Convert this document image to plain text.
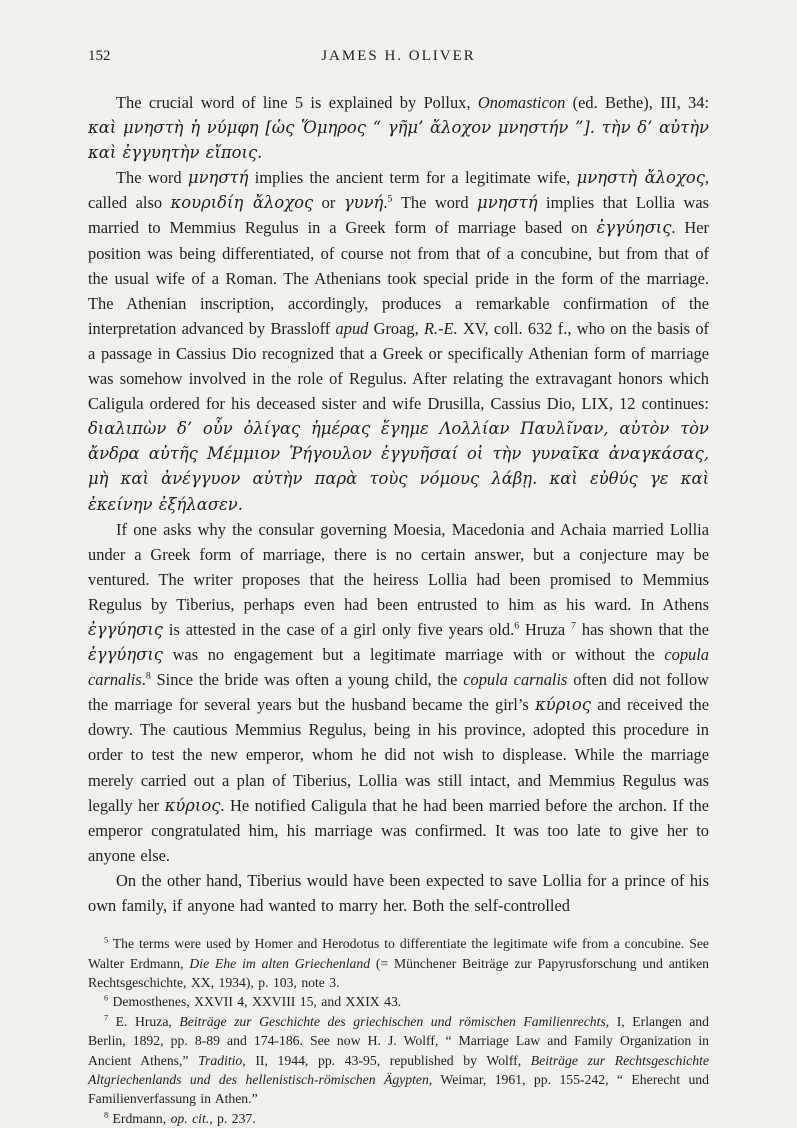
152	JAMES H. OLIVER

The crucial word of line 5 is explained by Pollux, Onomasticon (ed. Bethe), III, 34: καὶ μνηστὴ ἡ νύμφη [ὡς Ὅμηρος “ γῆμ’ ἄλοχον μνηστήν ”]. τὴν δ’ αὐτὴν καὶ ἐγγυητὴν εἴποις.

The word μνηστή implies the ancient term for a legitimate wife, μνηστὴ ἄλοχος, called also κουριδίη ἄλοχος or γυνή.$^5$ The word μνηστή implies that Lollia was married to Memmius Regulus in a Greek form of marriage based on ἐγγύησις. Her position was being differentiated, of course not from that of a concubine, but from that of the usual wife of a Roman. The Athenians took special pride in the form of the marriage. The Athenian inscription, accordingly, produces a remarkable confirmation of the interpretation advanced by Brassloff apud Groag, R.-E. XV, coll. 632 f., who on the basis of a passage in Cassius Dio recognized that a Greek or specifically Athenian form of marriage was somehow involved in the role of Regulus. After relating the extravagant honors which Caligula ordered for his deceased sister and wife Drusilla, Cassius Dio, LIX, 12 continues: διαλιπὼν δ’ οὖν ὀλίγας ἡμέρας ἔγημε Λολλίαν Παυλῖναν, αὐτὸν τὸν ἄνδρα αὐτῆς Μέμμιον Ῥήγουλον ἐγγυῆσαί οἱ τὴν γυναῖκα ἀναγκάσας, μὴ καὶ ἀνέγγυον αὐτὴν παρὰ τοὺς νόμους λάβῃ. καὶ εὐθύς γε καὶ ἐκείνην ἐξήλασεν.

If one asks why the consular governing Moesia, Macedonia and Achaia married Lollia under a Greek form of marriage, there is no certain answer, but a conjecture may be ventured. The writer proposes that the heiress Lollia had been promised to Memmius Regulus by Tiberius, perhaps even had been entrusted to him as his ward. In Athens ἐγγύησις is attested in the case of a girl only five years old.$^6$ Hruza $^7$ has shown that the ἐγγύησις was no engagement but a legitimate marriage with or without the copula carnalis.$^8$ Since the bride was often a young child, the copula carnalis often did not follow the marriage for several years but the husband became the girl’s κύριος and received the dowry. The cautious Memmius Regulus, being in his province, adopted this procedure in order to test the new emperor, whom he did not wish to displease. While the marriage merely carried out a plan of Tiberius, Lollia was still intact, and Memmius Regulus was legally her κύριος. He notified Caligula that he had been married before the archon. If the emperor congratulated him, his marriage was confirmed. It was too late to give her to anyone else.

On the other hand, Tiberius would have been expected to save Lollia for a prince of his own family, if anyone had wanted to marry her. Both the self-controlled

$^5$ The terms were used by Homer and Herodotus to differentiate the legitimate wife from a concubine. See Walter Erdmann, Die Ehe im alten Griechenland (= Münchener Beiträge zur Papyrusforschung und antiken Rechtsgeschichte, XX, 1934), p. 103, note 3.

$^6$ Demosthenes, XXVII 4, XXVIII 15, and XXIX 43.

$^7$ E. Hruza, Beiträge zur Geschichte des griechischen und römischen Familienrechts, I, Erlangen and Berlin, 1892, pp. 8-89 and 174-186. See now H. J. Wolff, “ Marriage Law and Family Organization in Ancient Athens,” Traditio, II, 1944, pp. 43-95, republished by Wolff, Beiträge zur Rechtsgeschichte Altgriechenlands und des hellenistisch-römischen Ägypten, Weimar, 1961, pp. 155-242, “ Eherecht und Familienverfassung in Athen.”

$^8$ Erdmann, op. cit., p. 237.
